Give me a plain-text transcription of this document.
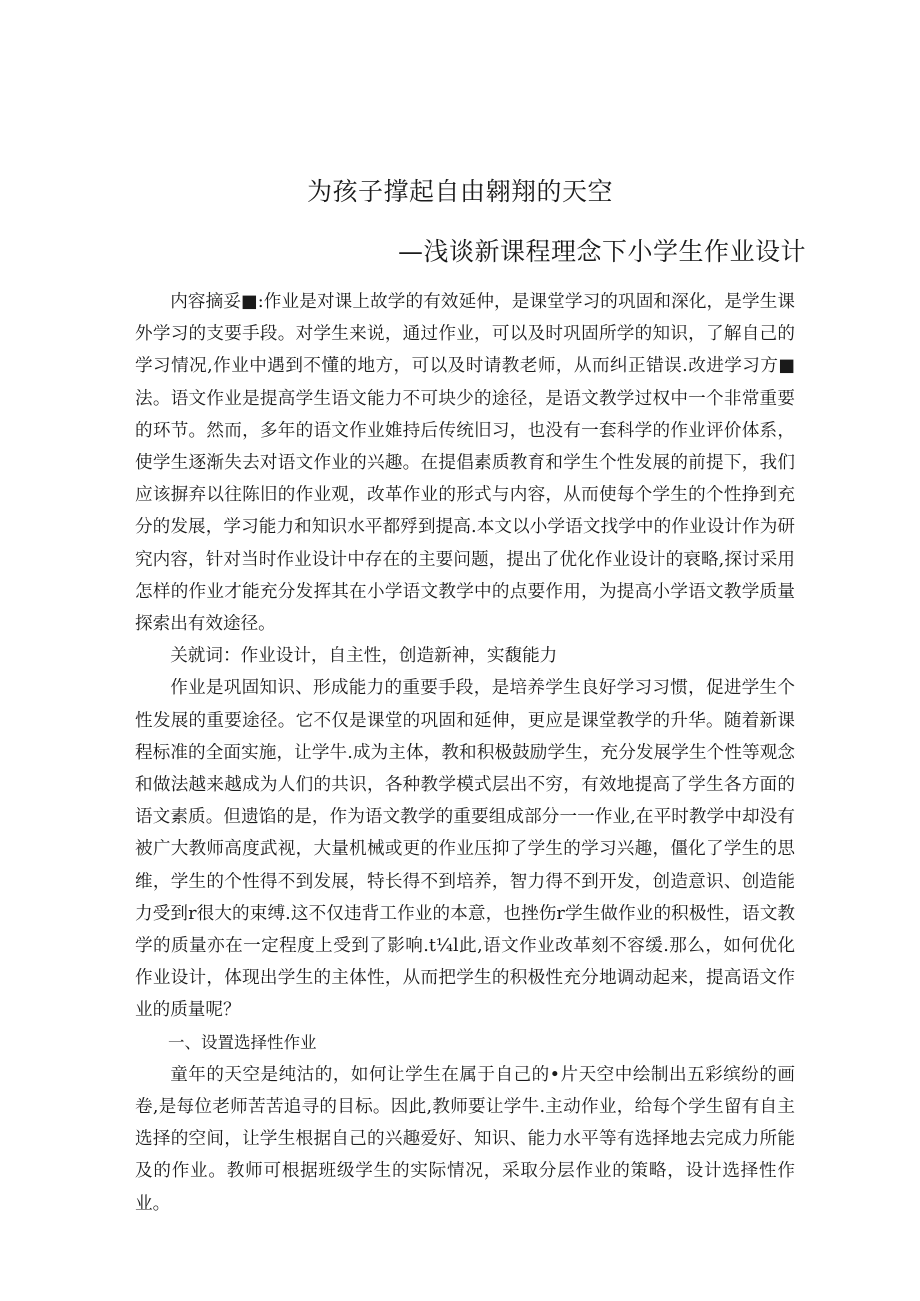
为孩子撑起自由翱翔的天空
—浅谈新课程理念下小学生作业设计

内容摘妥■:作业是对课上故学的有效延仲，是课堂学习的巩固和深化，是学生课外学习的支要手段。对学生来说，通过作业，可以及时巩固所学的知识，了解自己的学习情况,作业中遇到不懂的地方，可以及时请教老师，从而纠正错误.改进学习方■法。语文作业是提高学生语文能力不可块少的途径，是语文教学过权中一个非常重要的环节。然而，多年的语文作业婎持后传统旧习，也没有一套科学的作业评价体系，使学生逐渐失去对语文作业的兴趣。在提倡素质教育和学生个性发展的前提下，我们应该摒弃以往陈旧的作业观，改革作业的形式与内容，从而使每个学生的个性挣到充分的发展，学习能力和知识水平都殍到提高.本文以小学语文找学中的作业设计作为研究内容，针对当时作业设计中存在的主要问题，提出了优化作业设计的衰略,探讨采用怎样的作业才能充分发挥其在小学语文教学中的点要作用，为提高小学语文教学质量探索出有效途径。

关就词：作业设计，自主性，创造新神，实馥能力

作业是巩固知识、形成能力的重要手段，是培养学生良好学习习惯，促进学生个性发展的重要途径。它不仅是课堂的巩固和延伸，更应是课堂教学的升华。随着新课程标准的全面实施，让学牛.成为主体，教和积极鼓励学生，充分发展学生个性等观念和做法越来越成为人们的共识，各种教学模式层出不穷，有效地提高了学生各方面的语文素质。但遗馅的是，作为语文教学的重要组成部分一一作业,在平时教学中却没有被广大教师高度武视，大量机械或更的作业压抑了学生的学习兴趣，僵化了学生的思维，学生的个性得不到发展，特长得不到培养，智力得不到开发，创造意识、创造能力受到r很大的束缚.这不仅违背工作业的本意，也挫伤r学生做作业的积极性，语文教学的质量亦在一定程度上受到了影响.t¼l此,语文作业改革刻不容缓.那么，如何优化作业设计，体现出学生的主体性，从而把学生的积极性充分地调动起来，提高语文作业的质量呢？

一、设置选择性作业

童年的天空是纯沽的，如何让学生在属于自己的•片天空中绘制出五彩缤纷的画卷,是每位老师苦苦追寻的目标。因此,教师要让学牛.主动作业，给每个学生留有自主选择的空间，让学生根据自己的兴趣爱好、知识、能力水平等有选择地去完成力所能及的作业。教师可根据班级学生的实际情况，采取分层作业的策略，设计选择性作业。
